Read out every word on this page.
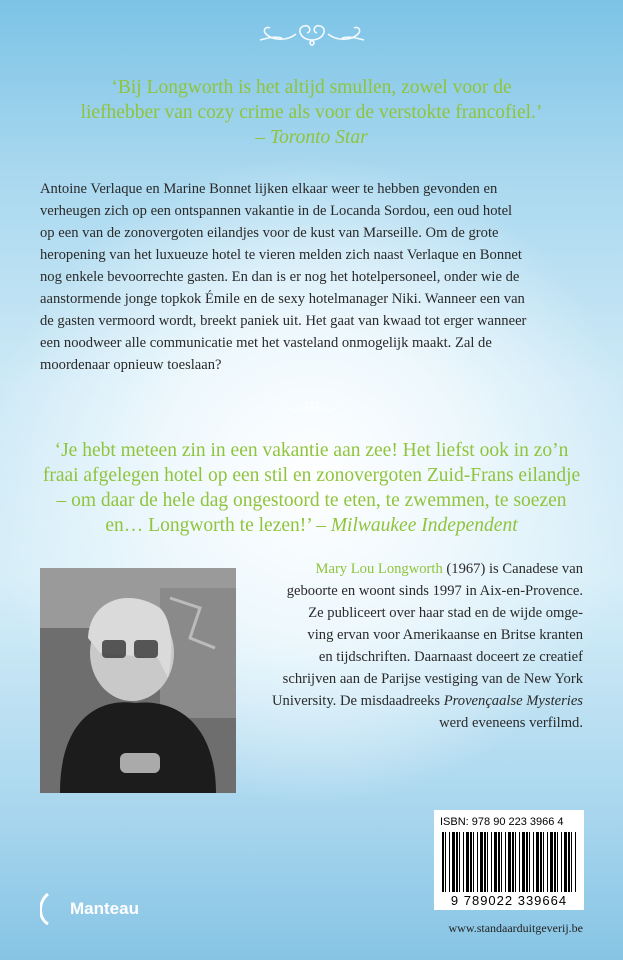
‘Bij Longworth is het altijd smullen, zowel voor de
liefhebber van cozy crime als voor de verstokte francofiel.’
– Toronto Star
Antoine Verlaque en Marine Bonnet lijken elkaar weer te hebben gevonden en
verheugen zich op een ontspannen vakantie in de Locanda Sordou, een oud hotel
op een van de zonovergoten eilandjes voor de kust van Marseille. Om de grote
heropening van het luxueuze hotel te vieren melden zich naast Verlaque en Bonnet
nog enkele bevoorrechte gasten. En dan is er nog het hotelpersoneel, onder wie de
aanstormende jonge topkok Émile en de sexy hotelmanager Niki. Wanneer een van
de gasten vermoord wordt, breekt paniek uit. Het gaat van kwaad tot erger wanneer
een noodweer alle communicatie met het vasteland onmogelijk maakt. Zal de
moordenaar opnieuw toeslaan?
‘Je hebt meteen zin in een vakantie aan zee! Het liefst ook in zo’n
fraai afgelegen hotel op een stil en zonovergoten Zuid-Frans eilandje
– om daar de hele dag ongestoord te eten, te zwemmen, te soezen
en… Longworth te lezen!’ – Milwaukee Independent
Mary Lou Longworth (1967) is Canadese van
geboorte en woont sinds 1997 in Aix-en-Provence.
Ze publiceert over haar stad en de wijde omge-
ving ervan voor Amerikaanse en Britse kranten
en tijdschriften. Daarnaast doceert ze creatief
schrijven aan de Parijse vestiging van de New York
University. De misdaadreeks Provençaalse Mysteries
werd eveneens verfilmd.
ISBN: 978 90 223 3966 4
9 789022 339664
Manteau
www.standaarduitgeverij.be
